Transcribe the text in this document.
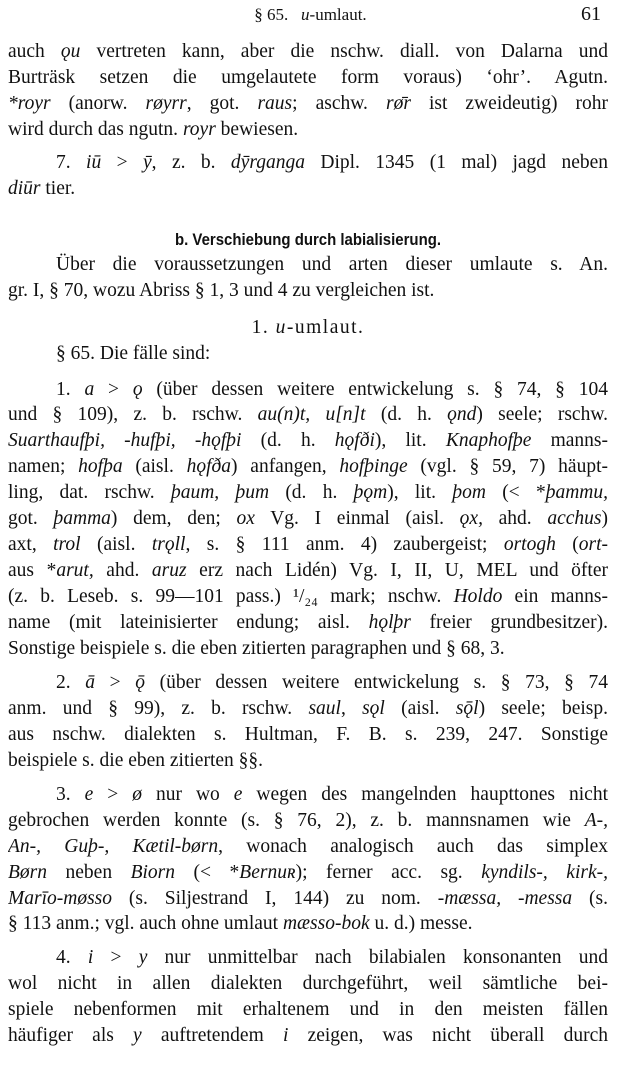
§ 65. u-umlaut.	61
auch ǫu vertreten kann, aber die nschw. diall. von Dalarna und
Burträsk setzen die umgelautete form voraus) ‘ohr’. Agutn.
*royr (anorw. røyrr, got. raus; aschw. rø̄r ist zweideutig) rohr
wird durch das ngutn. royr bewiesen.
7. iū > ȳ, z. b. dȳrganga Dipl. 1345 (1 mal) jagd neben
diūr tier.
b. Verschiebung durch labialisierung.
Über die voraussetzungen und arten dieser umlaute s. An.
gr. I, § 70, wozu Abriss § 1, 3 und 4 zu vergleichen ist.
1. u-umlaut.
§ 65. Die fälle sind:
1. a > ǫ (über dessen weitere entwickelung s. § 74, § 104
und § 109), z. b. rschw. au(n)t, u[n]t (d. h. ǫnd) seele; rschw.
Suarthaufþi, -hufþi, -hǫfþi (d. h. hǫfði), lit. Knaphofþe manns-
namen; hofþa (aisl. hǫfða) anfangen, hofþinge (vgl. § 59, 7) häupt-
ling, dat. rschw. þaum, þum (d. h. þǫm), lit. þom (< *þammu,
got. þamma) dem, den; ox Vg. I einmal (aisl. ǫx, ahd. acchus)
axt, trol (aisl. trǫll, s. § 111 anm. 4) zaubergeist; ortogh (ort-
aus *arut, ahd. aruz erz nach Lidén) Vg. I, II, U, MEL und öfter
(z. b. Leseb. s. 99—101 pass.) ¹/₂₄ mark; nschw. Holdo ein manns-
name (mit lateinisierter endung; aisl. hǫlþr freier grundbesitzer).
Sonstige beispiele s. die eben zitierten paragraphen und § 68, 3.
2. ā > ǭ (über dessen weitere entwickelung s. § 73, § 74
anm. und § 99), z. b. rschw. saul, sǫl (aisl. sǭl) seele; beisp.
aus nschw. dialekten s. Hultman, F. B. s. 239, 247. Sonstige
beispiele s. die eben zitierten §§.
3. e > ø nur wo e wegen des mangelnden haupttones nicht
gebrochen werden konnte (s. § 76, 2), z. b. mannsnamen wie A-,
An-, Guþ-, Kætil-børn, wonach analogisch auch das simplex
Børn neben Biorn (< *Bernuʀ); ferner acc. sg. kyndils-, kirk-,
Marīo-møsso (s. Siljestrand I, 144) zu nom. -mæssa, -messa (s.
§ 113 anm.; vgl. auch ohne umlaut mæsso-bok u. d.) messe.
4. i > y nur unmittelbar nach bilabialen konsonanten und
wol nicht in allen dialekten durchgeführt, weil sämtliche bei-
spiele nebenformen mit erhaltenem und in den meisten fällen
häufiger als y auftretendem i zeigen, was nicht überall durch
